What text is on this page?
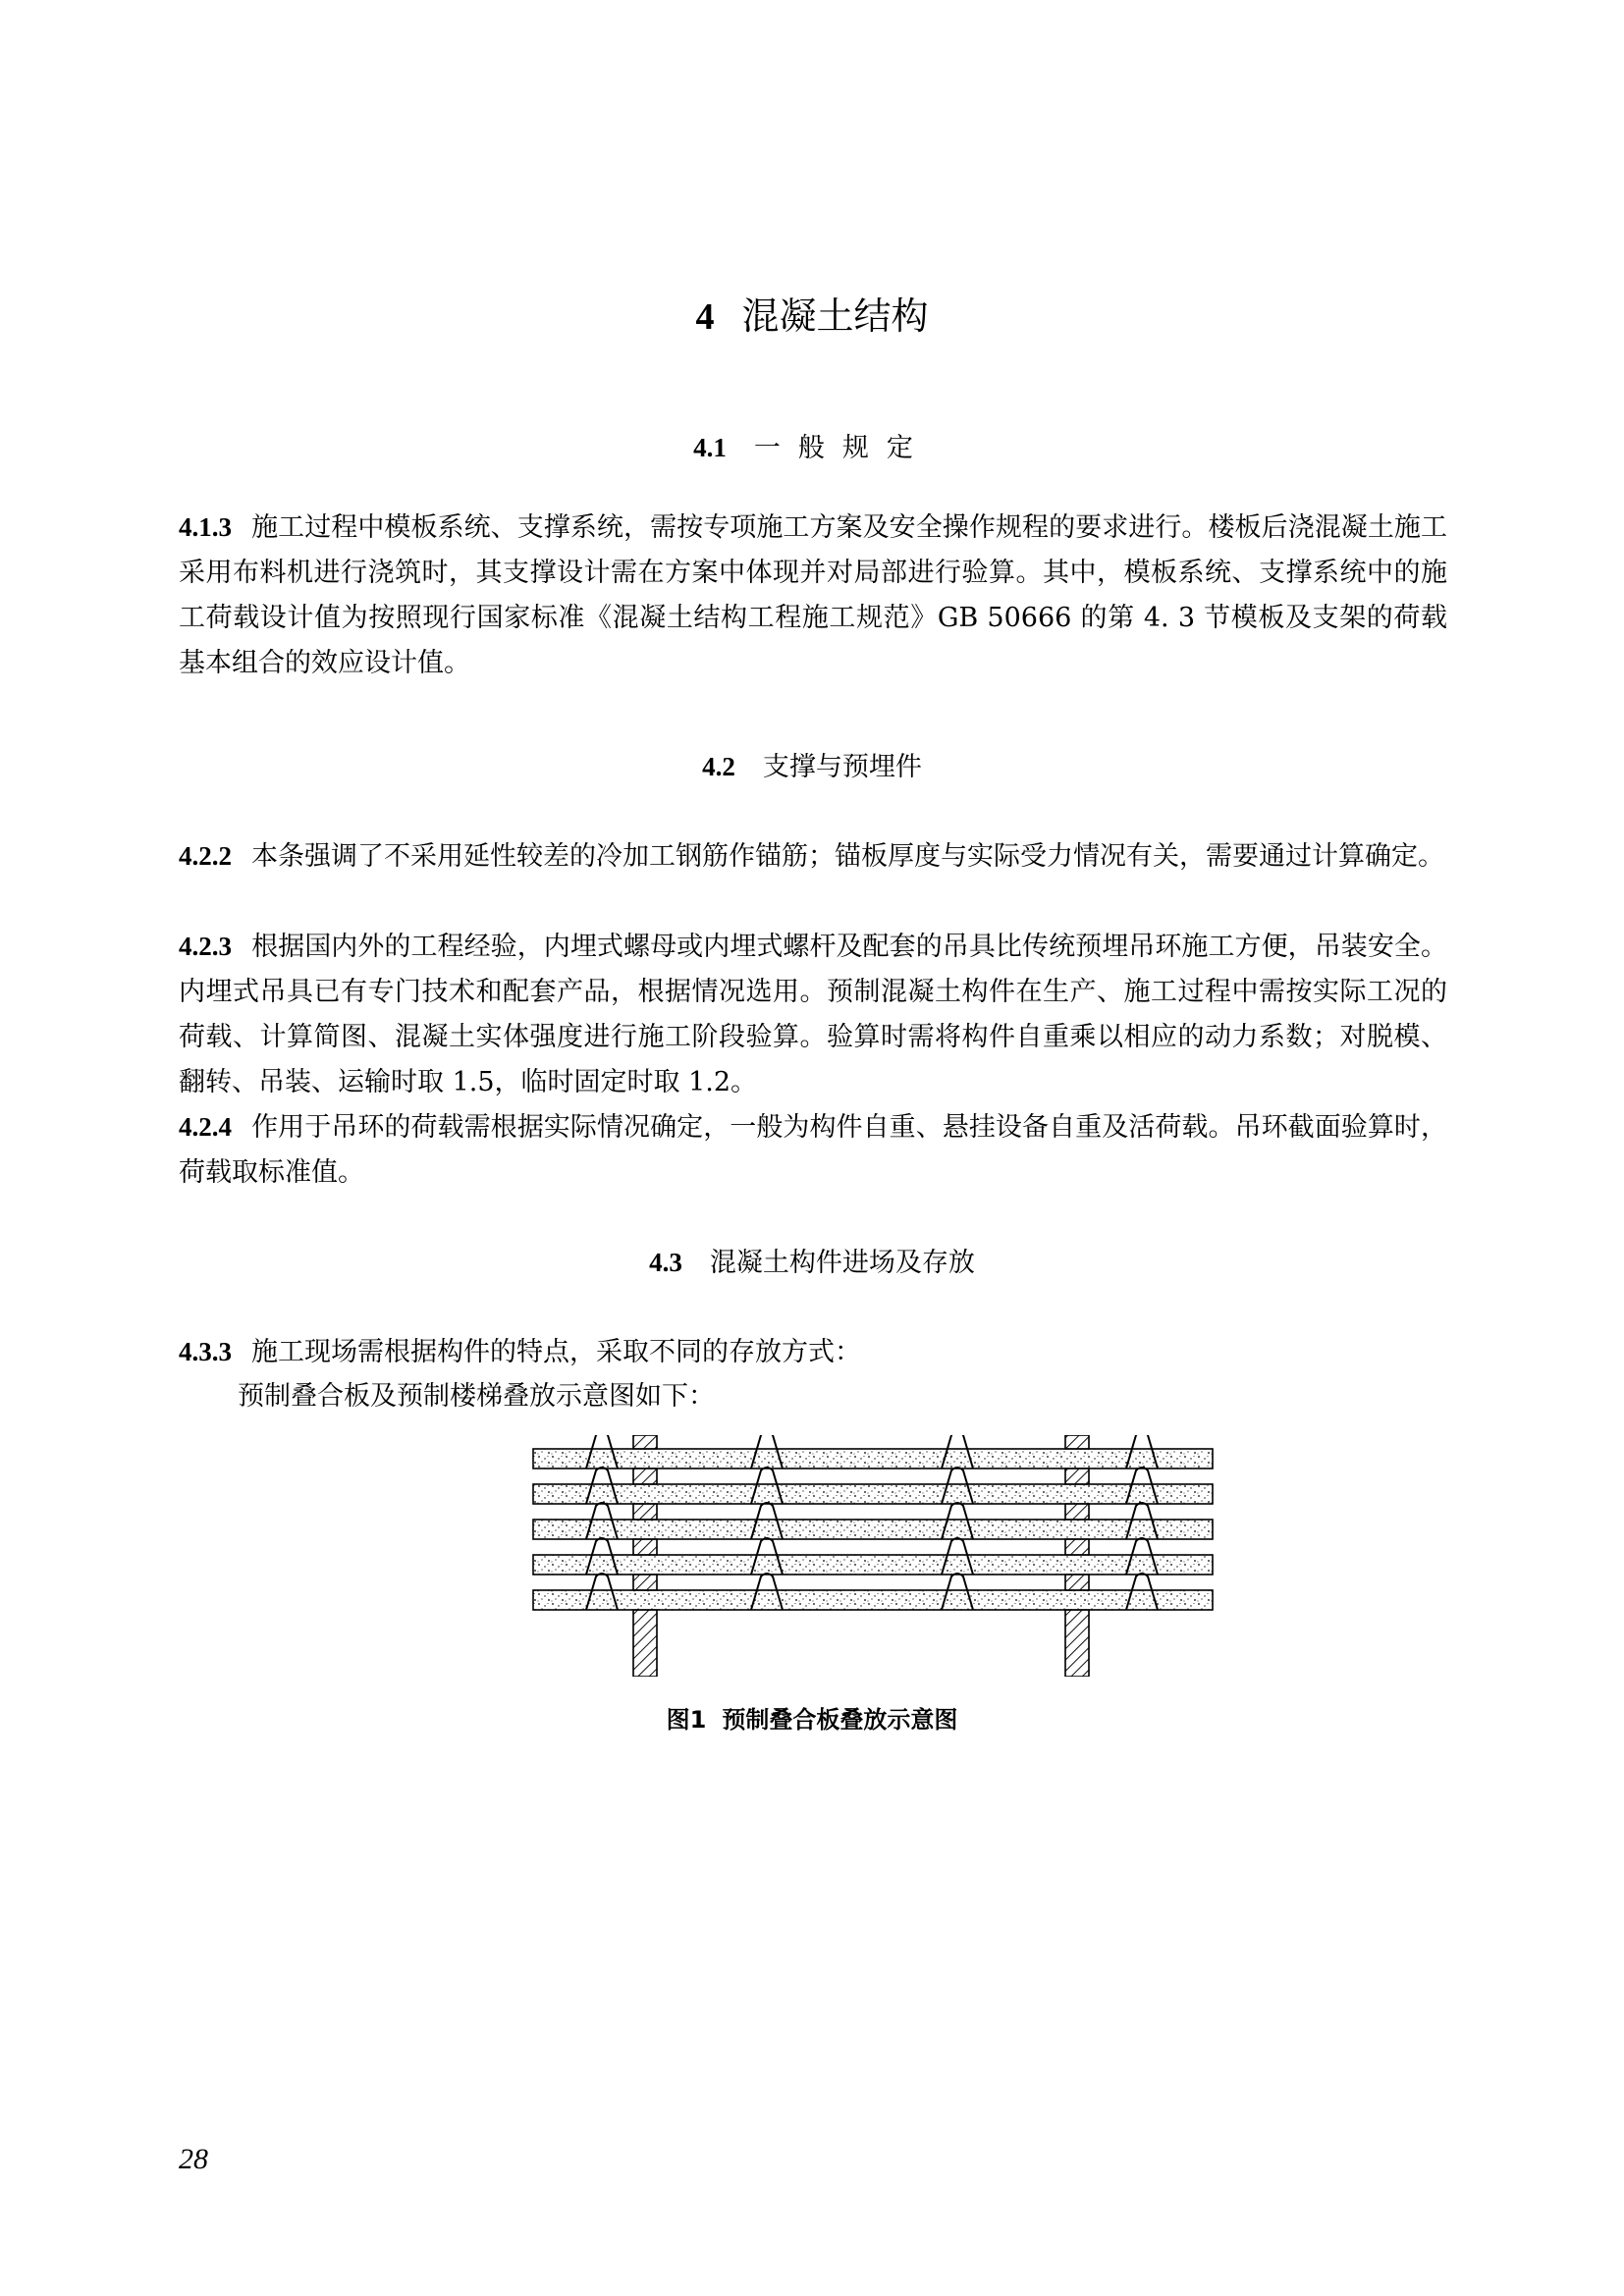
4 混凝土结构
4.1 一般规定

4.1.3 施工过程中模板系统、支撑系统，需按专项施工方案及安全操作规程的要求进行。楼板后浇混凝土施工采用布料机进行浇筑时，其支撑设计需在方案中体现并对局部进行验算。其中，模板系统、支撑系统中的施工荷载设计值为按照现行国家标准《混凝土结构工程施工规范》GB 50666 的第 4. 3 节模板及支架的荷载基本组合的效应设计值。

4.2 支撑与预埋件

4.2.2 本条强调了不采用延性较差的冷加工钢筋作锚筋；锚板厚度与实际受力情况有关，需要通过计算确定。

4.2.3 根据国内外的工程经验，内埋式螺母或内埋式螺杆及配套的吊具比传统预埋吊环施工方便，吊装安全。内埋式吊具已有专门技术和配套产品，根据情况选用。预制混凝土构件在生产、施工过程中需按实际工况的荷载、计算简图、混凝土实体强度进行施工阶段验算。验算时需将构件自重乘以相应的动力系数；对脱模、翻转、吊装、运输时取 1.5，临时固定时取 1.2。

4.2.4 作用于吊环的荷载需根据实际情况确定，一般为构件自重、悬挂设备自重及活荷载。吊环截面验算时，荷载取标准值。

4.3 混凝土构件进场及存放

4.3.3 施工现场需根据构件的特点，采取不同的存放方式：

预制叠合板及预制楼梯叠放示意图如下：

图1 预制叠合板叠放示意图
28
